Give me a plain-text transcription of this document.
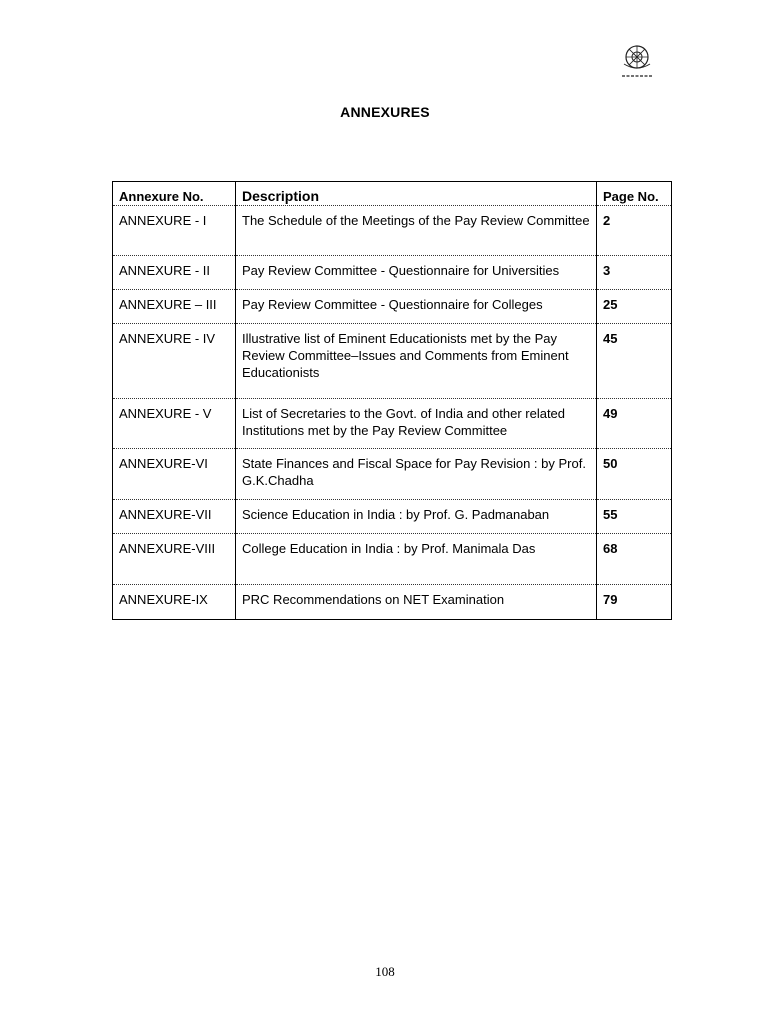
ANNEXURES
Annexure No.	Description	Page No.
ANNEXURE - I	The Schedule of the Meetings of the Pay Review Committee	2
ANNEXURE - II	Pay Review Committee - Questionnaire for Universities	3
ANNEXURE – III	Pay Review Committee - Questionnaire for Colleges	25
ANNEXURE - IV	Illustrative list of Eminent Educationists met by the Pay Review Committee–Issues and Comments from Eminent Educationists	45
ANNEXURE - V	List of Secretaries to the Govt. of India and other related Institutions met by the Pay Review Committee	49
ANNEXURE-VI	State Finances and Fiscal Space for Pay Revision : by Prof. G.K.Chadha	50
ANNEXURE-VII	Science Education in India : by Prof. G. Padmanaban	55
ANNEXURE-VIII	College Education in India : by Prof. Manimala Das	68
ANNEXURE-IX	PRC Recommendations on NET Examination	79
108
